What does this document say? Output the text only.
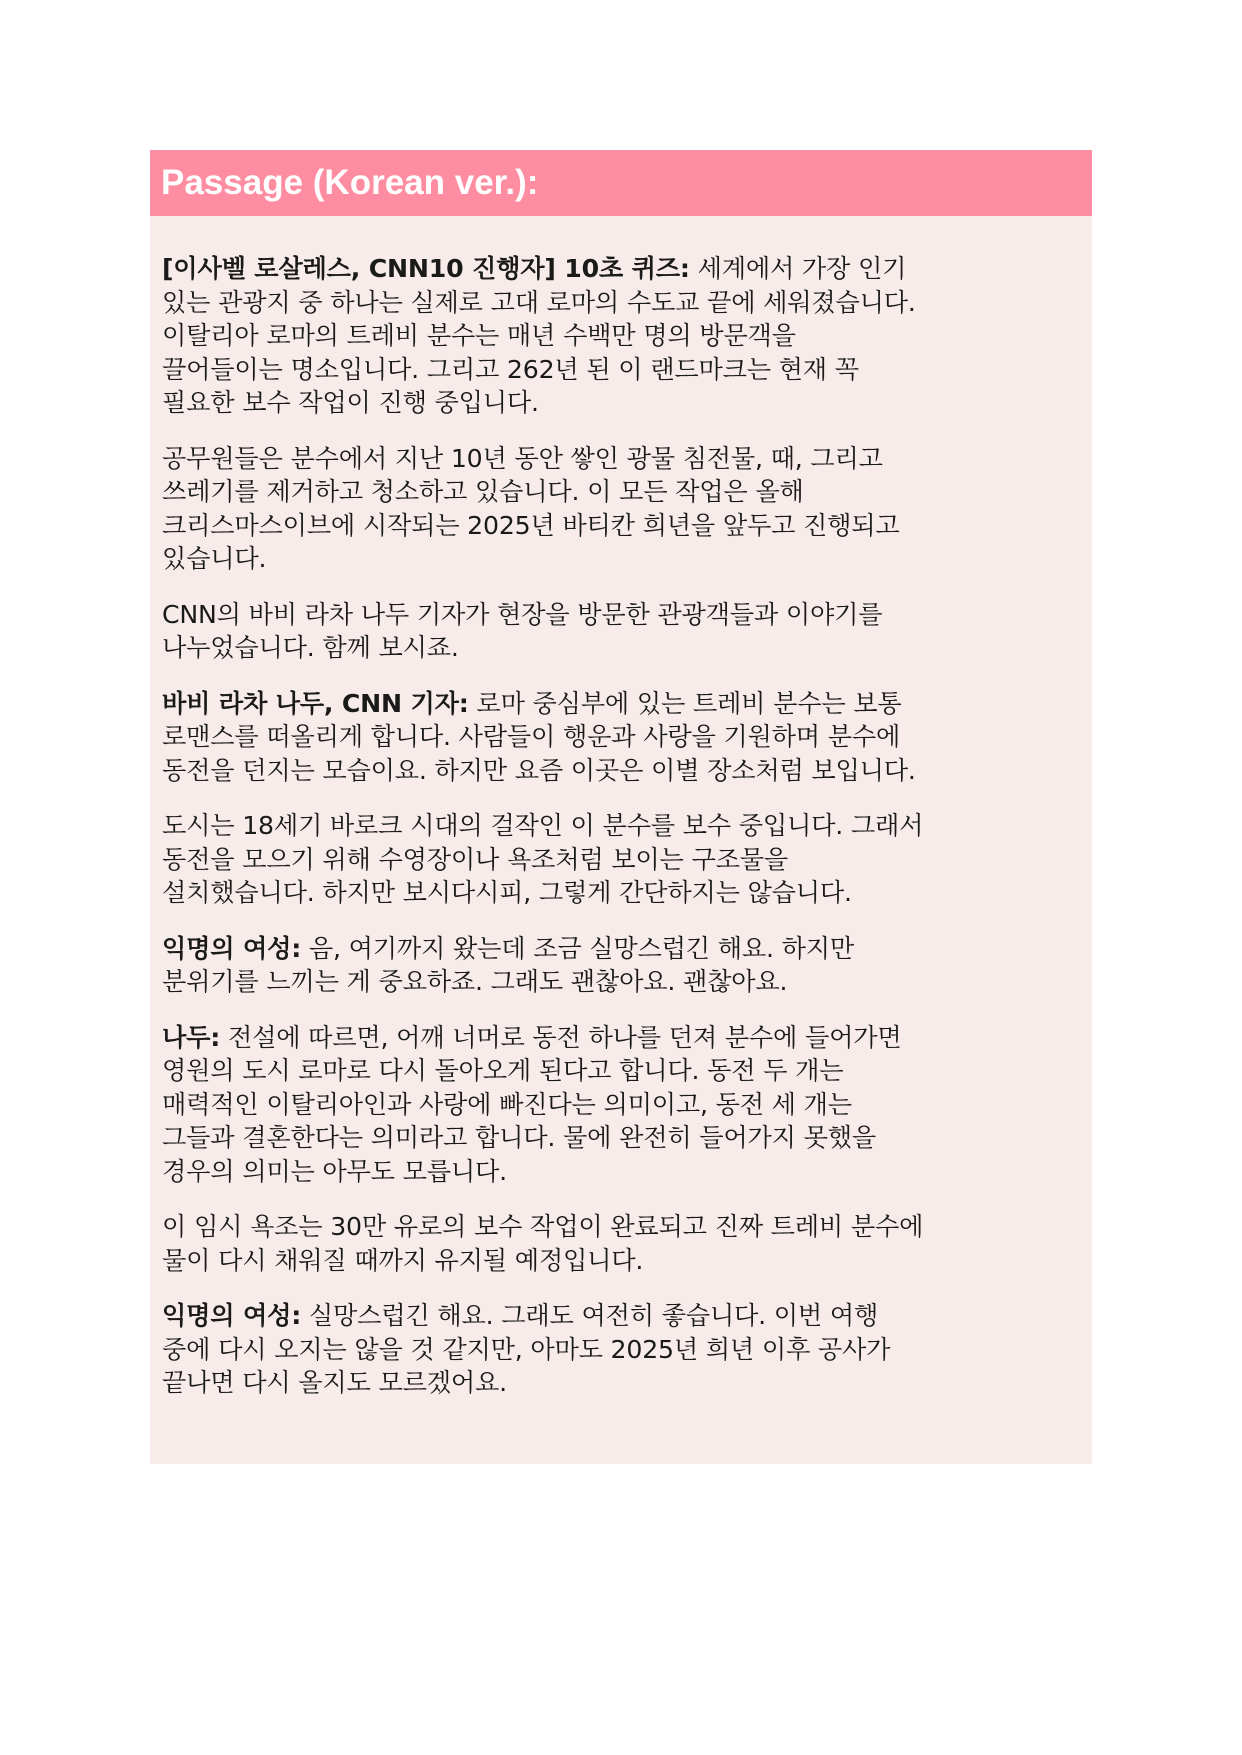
Passage (Korean ver.):

[이사벨 로살레스, CNN10 진행자] 10초 퀴즈: 세계에서 가장 인기
있는 관광지 중 하나는 실제로 고대 로마의 수도교 끝에 세워졌습니다.
이탈리아 로마의 트레비 분수는 매년 수백만 명의 방문객을
끌어들이는 명소입니다. 그리고 262년 된 이 랜드마크는 현재 꼭
필요한 보수 작업이 진행 중입니다.

공무원들은 분수에서 지난 10년 동안 쌓인 광물 침전물, 때, 그리고
쓰레기를 제거하고 청소하고 있습니다. 이 모든 작업은 올해
크리스마스이브에 시작되는 2025년 바티칸 희년을 앞두고 진행되고
있습니다.

CNN의 바비 라차 나두 기자가 현장을 방문한 관광객들과 이야기를
나누었습니다. 함께 보시죠.

바비 라차 나두, CNN 기자: 로마 중심부에 있는 트레비 분수는 보통
로맨스를 떠올리게 합니다. 사람들이 행운과 사랑을 기원하며 분수에
동전을 던지는 모습이요. 하지만 요즘 이곳은 이별 장소처럼 보입니다.

도시는 18세기 바로크 시대의 걸작인 이 분수를 보수 중입니다. 그래서
동전을 모으기 위해 수영장이나 욕조처럼 보이는 구조물을
설치했습니다. 하지만 보시다시피, 그렇게 간단하지는 않습니다.

익명의 여성: 음, 여기까지 왔는데 조금 실망스럽긴 해요. 하지만
분위기를 느끼는 게 중요하죠. 그래도 괜찮아요. 괜찮아요.

나두: 전설에 따르면, 어깨 너머로 동전 하나를 던져 분수에 들어가면
영원의 도시 로마로 다시 돌아오게 된다고 합니다. 동전 두 개는
매력적인 이탈리아인과 사랑에 빠진다는 의미이고, 동전 세 개는
그들과 결혼한다는 의미라고 합니다. 물에 완전히 들어가지 못했을
경우의 의미는 아무도 모릅니다.

이 임시 욕조는 30만 유로의 보수 작업이 완료되고 진짜 트레비 분수에
물이 다시 채워질 때까지 유지될 예정입니다.

익명의 여성: 실망스럽긴 해요. 그래도 여전히 좋습니다. 이번 여행
중에 다시 오지는 않을 것 같지만, 아마도 2025년 희년 이후 공사가
끝나면 다시 올지도 모르겠어요.
